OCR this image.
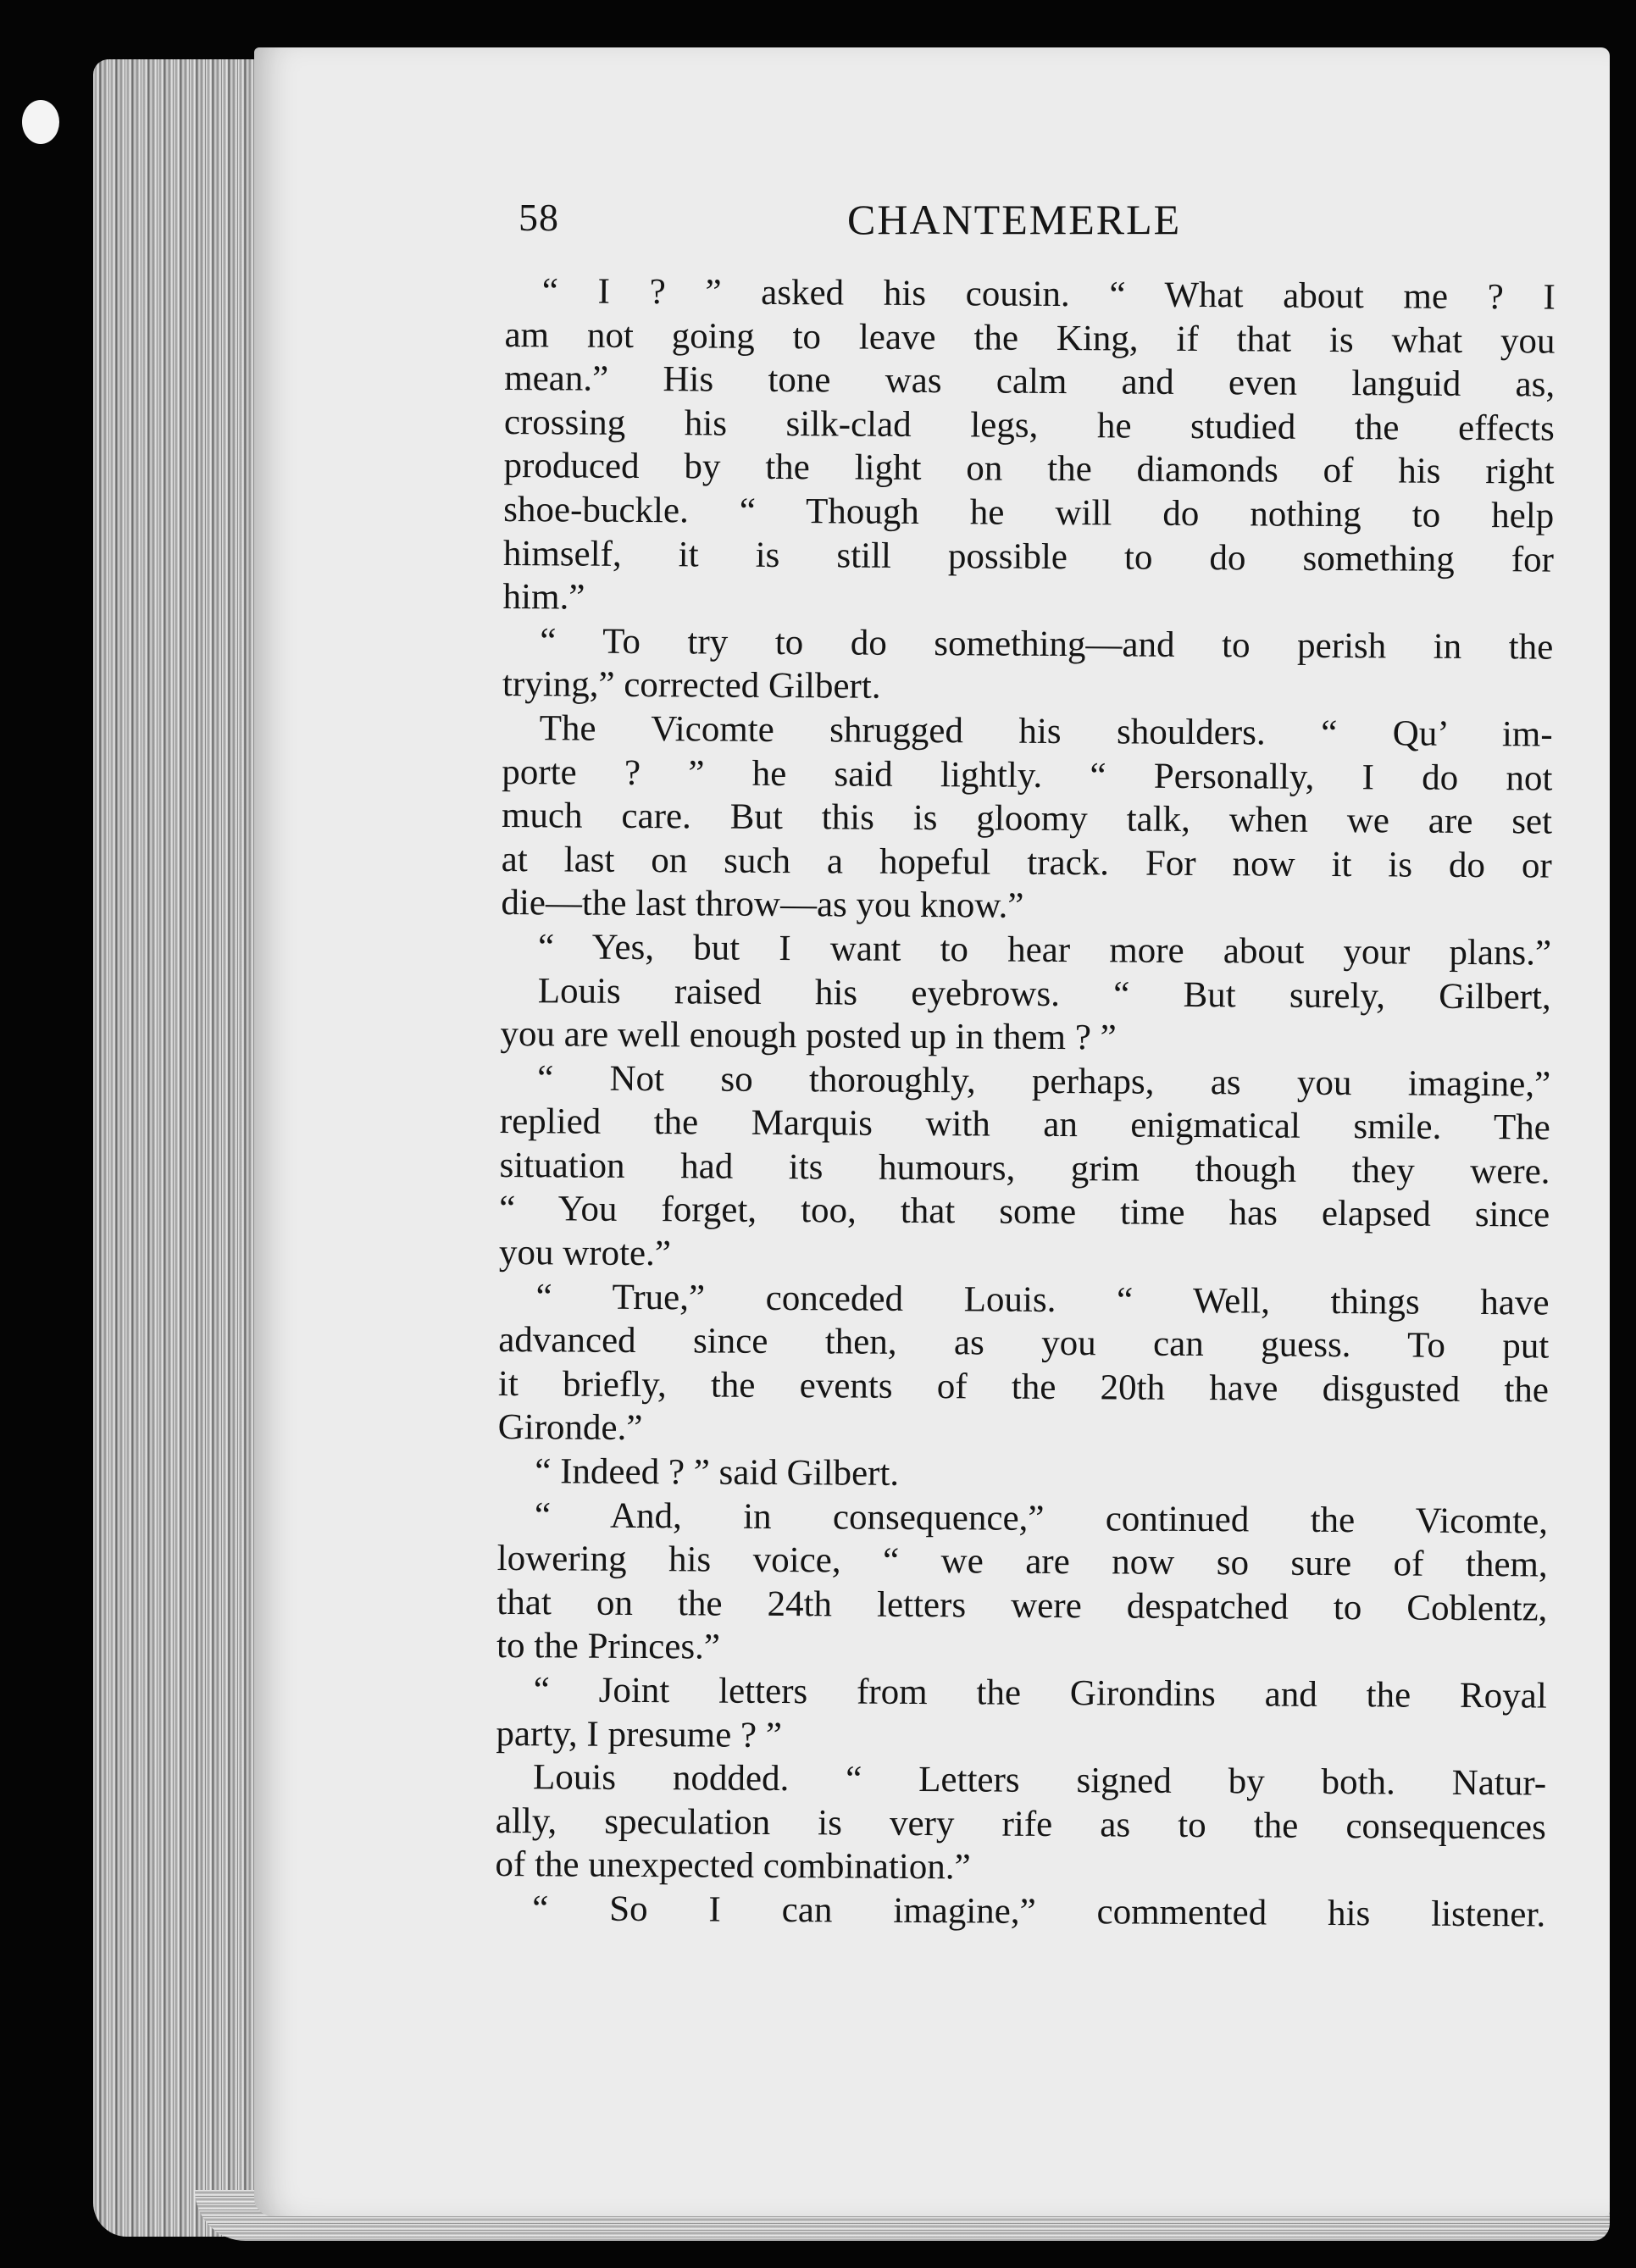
58	CHANTEMERLE
“ I ? ” asked his cousin. “ What about me ? I
am not going to leave the King, if that is what you
mean.” His tone was calm and even languid as,
crossing his silk-clad legs, he studied the effects
produced by the light on the diamonds of his right
shoe-buckle. “ Though he will do nothing to help
himself, it is still possible to do something for
him.”
“ To try to do something—and to perish in the
trying,” corrected Gilbert.
The Vicomte shrugged his shoulders. “ Qu’ im-
porte ? ” he said lightly. “ Personally, I do not
much care. But this is gloomy talk, when we are set
at last on such a hopeful track. For now it is do or
die—the last throw—as you know.”
“ Yes, but I want to hear more about your plans.”
Louis raised his eyebrows. “ But surely, Gilbert,
you are well enough posted up in them ? ”
“ Not so thoroughly, perhaps, as you imagine,”
replied the Marquis with an enigmatical smile. The
situation had its humours, grim though they were.
“ You forget, too, that some time has elapsed since
you wrote.”
“ True,” conceded Louis. “ Well, things have
advanced since then, as you can guess. To put
it briefly, the events of the 20th have disgusted the
Gironde.”
“ Indeed ? ” said Gilbert.
“ And, in consequence,” continued the Vicomte,
lowering his voice, “ we are now so sure of them,
that on the 24th letters were despatched to Coblentz,
to the Princes.”
“ Joint letters from the Girondins and the Royal
party, I presume ? ”
Louis nodded. “ Letters signed by both. Natur-
ally, speculation is very rife as to the consequences
of the unexpected combination.”
“ So I can imagine,” commented his listener.
